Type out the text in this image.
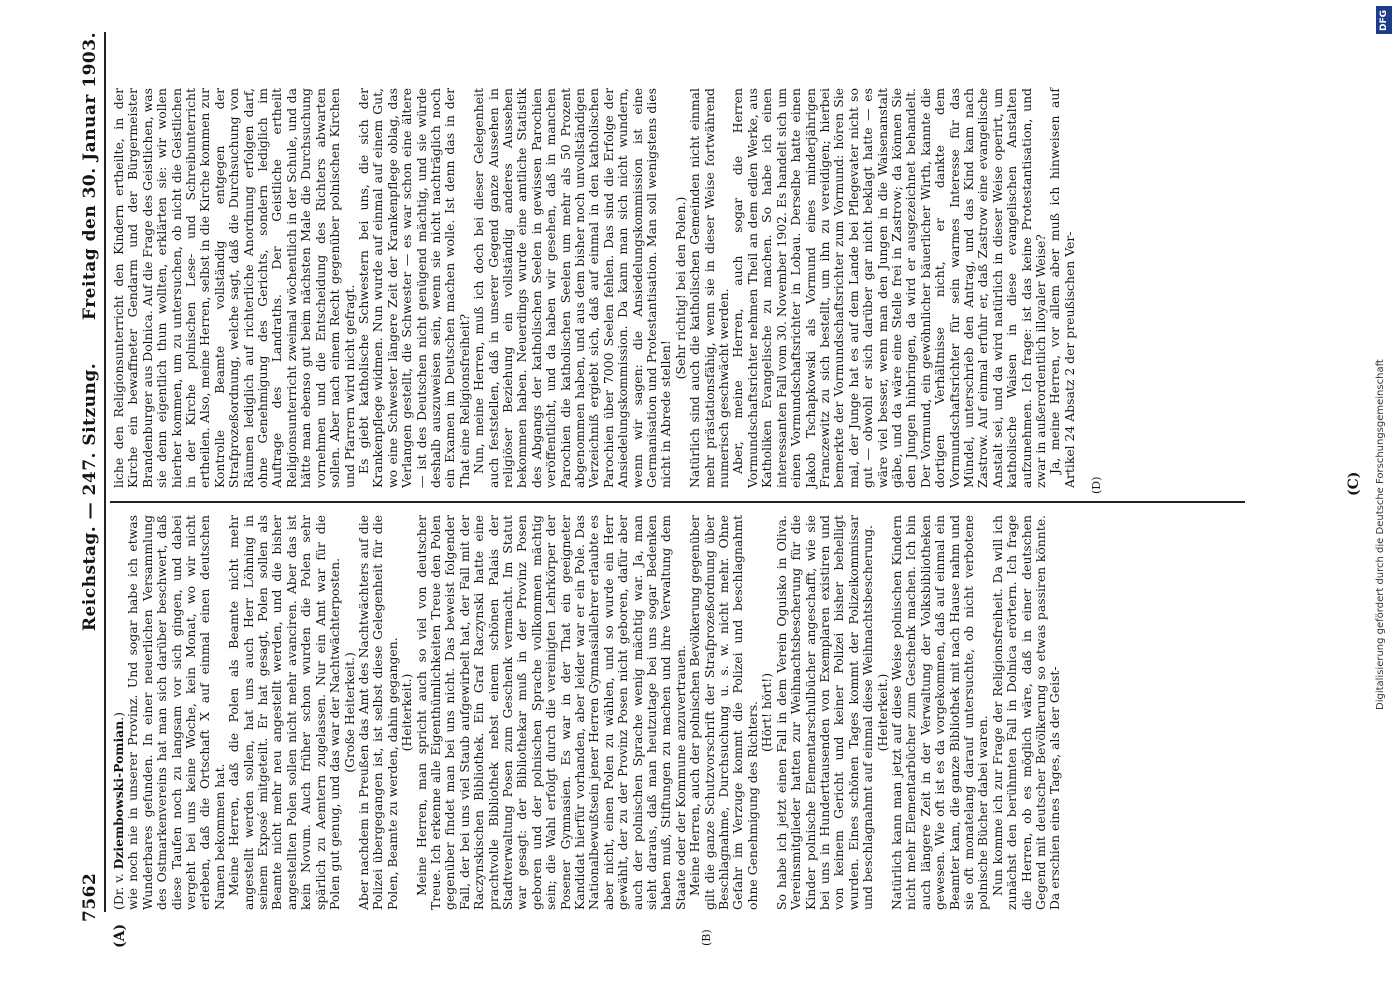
7562
Reichstag. — 247. Sitzung.
Freitag den 30. Januar 1903.
(A)	(B)
(C)
(D)

(Dr. v. Dziembowski-Pomian.) wie noch nie in unserer Provinz. Und sogar habe ich etwas Wunderbares gefunden. In einer neuerlichen Versammlung des Ostmarkenvereins hat man sich darüber beschwert, daß diese Taufen noch zu langsam vor sich gingen, und dabei vergeht bei uns keine Woche, kein Monat, wo wir nicht erleben, daß die Ortschaft X auf einmal einen deutschen Namen bekommen hat. Meine Herren, daß die Polen als Beamte nicht mehr angestellt werden sollen, hat uns auch Herr Löhning in seinem Exposé mitgeteilt. Er hat gesagt, Polen sollen als Beamte nicht mehr neu angestellt werden, und die bisher angestellten Polen sollen nicht mehr avanciren. Aber das ist kein Novum. Auch früher schon wurden die Polen sehr spärlich zu Aemtern zugelassen. Nur ein Amt war für die Polen gut genug, und das war der Nachtwächterposten. (Große Heiterkeit.) Aber nachdem in Preußen das Amt des Nachtwächters auf die Polizei übergegangen ist, ist selbst diese Gelegenheit für die Polen, Beamte zu werden, dahin gegangen. (Heiterkeit.) Meine Herren, man spricht auch so viel von deutscher Treue. Ich erkenne alle Eigenthümlichkeiten Treue den Polen gegenüber findet man bei uns nicht. Das beweist folgender Fall, der bei uns viel Staub aufgewirbelt hat, der Fall mit der Raczynskischen Bibliothek. Ein Graf Raczynski hatte eine prachtvolle Bibliothek nebst einem schönen Palais der Stadtverwaltung Posen zum Geschenk vermacht. Im Statut war gesagt: der Bibliothekar muß in der Provinz Posen geboren und der polnischen Sprache vollkommen mächtig sein; die Wahl erfolgt durch die vereinigten Lehrkörper der Posener Gymnasien. Es war in der That ein geeigneter Kandidat hierfür vorhanden, aber leider war er ein Pole. Das Nationalbewußtsein jener Herren Gymnasiallehrer erlaubte es aber nicht, einen Polen zu wählen, und so wurde ein Herr gewählt, der zu der Provinz Posen nicht geboren, dafür aber auch der polnischen Sprache wenig mächtig war. Ja, man sieht daraus, daß man heutzutage bei uns sogar Bedenken haben muß, Stiftungen zu machen und ihre Verwaltung dem Staate oder der Kommune anzuvertrauen. Meine Herren, auch der polnischen Bevölkerung gegenüber gilt die ganze Schutzvorschrift der Strafprozeßordnung über Beschlagnahme, Durchsuchung u. s. w. nicht mehr. Ohne Gefahr im Verzuge kommt die Polizei und beschlagnahmt ohne Genehmigung des Richters. (Hört! hört!) So habe ich jetzt einen Fall in dem Verein Oguisko in Oliva. Vereinsmitglieder hatten zur Weihnachtsbescherung für die Kinder polnische Elementarschulbücher angeschafft, wie sie bei uns in Hunderttausenden von Exemplaren existiren und von keinem Gericht und keiner Polizei bisher behelligt wurden. Eines schönen Tages kommt der Polizeikommissar und beschlagnahmt auf einmal diese Weihnachtsbescherung. (Heiterkeit.) Natürlich kann man jetzt auf diese Weise polnischen Kindern nicht mehr Elementarbücher zum Geschenk machen. Ich bin auch längere Zeit in der Verwaltung der Volksbibliotheken gewesen. Wie oft ist es da vorgekommen, daß auf einmal ein Beamter kam, die ganze Bibliothek mit nach Hause nahm und sie oft monatelang darauf untersuchte, ob nicht verbotene polnische Bücher dabei waren. Nun komme ich zur Frage der Religionsfreiheit. Da will ich zunächst den berühmten Fall in Dolnica erörtern. Ich frage die Herren, ob es möglich wäre, daß in einer deutschen Gegend mit deutscher Bevölkerung so etwas passiren könnte. Da erschien eines Tages, als der Geist-

liche den Religionsunterricht den Kindern ertheilte, in der Kirche ein bewaffneter Gendarm und der Bürgermeister Brandenburger aus Dolnica. Auf die Frage des Geistlichen, was sie denn eigentlich thun wollten, erklärten sie: wir wollen hierher kommen, um zu untersuchen, ob nicht die Geistlichen in der Kirche polnischen Lese- und Schreibunterricht ertheilen. Also, meine Herren, selbst in die Kirche kommen zur Kontrolle Beamte vollständig entgegen der Strafprozeßordnung, welche sagt, daß die Durchsuchung von Räumen lediglich auf richterliche Anordnung erfolgen darf, ohne Genehmigung des Gerichts, sondern lediglich im Auftrage des Landraths. Der Geistliche ertheilt Religionsunterricht zweimal wöchentlich in der Schule, und da hätte man ebenso gut beim nächsten Male die Durchsuchung vornehmen und die Entscheidung des Richters abwarten sollen. Aber nach einem Recht gegenüber polnischen Kirchen und Pfarrern wird nicht gefragt. Es giebt katholische Schwestern bei uns, die sich der Krankenpflege widmen. Nun wurde auf einmal auf einem Gut, wo eine Schwester längere Zeit der Krankenpflege oblag, das Verlangen gestellt, die Schwester — es war schon eine ältere — ist des Deutschen nicht genügend mächtig, und sie würde deshalb auszuweisen sein, wenn sie nicht nachträglich noch ein Examen im Deutschen machen wolle. Ist denn das in der That eine Religionsfreiheit? Nun, meine Herren, muß ich doch bei dieser Gelegenheit auch feststellen, daß in unserer Gegend ganze Aussehen in religiöser Beziehung ein vollständig anderes Aussehen bekommen haben. Neuerdings wurde eine amtliche Statistik des Abgangs der katholischen Seelen in gewissen Parochien veröffentlicht, und da haben wir gesehen, daß in manchen Parochien die katholischen Seelen um mehr als 50 Prozent abgenommen haben, und aus dem bisher noch unvollständigen Verzeichniß ergiebt sich, daß auf einmal in den katholischen Parochien über 7000 Seelen fehlen. Das sind die Erfolge der Ansiedelungskommission. Da kann man sich nicht wundern, wenn wir sagen: die Ansiedelungskommission ist eine Germanisation und Protestantisation. Man soll wenigstens dies nicht in Abrede stellen!

(Sehr richtig! bei den Polen.) Natürlich sind auch die katholischen Gemeinden nicht einmal mehr prästationsfähig, wenn sie in dieser Weise fortwährend numerisch geschwächt werden. Aber, meine Herren, auch sogar die Herren Vormundschaftsrichter nehmen Theil an dem edlen Werke, aus Katholiken Evangelische zu machen. So habe ich einen interessanten Fall vom 30. November 1902. Es handelt sich um einen Vormundschaftsrichter in Lobau. Derselbe hatte einen Jakob Tschapkowski als Vormund eines minderjährigen Franczewitz zu sich bestellt, um ihn zu vereidigen; hierbei bemerkte der Vormundschaftsrichter zum Vormund: hören Sie mal, der Junge hat es auf dem Lande bei Pflegevater nicht so gut — obwohl er sich darüber gar nicht beklagt hatte — es wäre viel besser, wenn man den Jungen in die Waisenanstalt gäbe, und da wäre eine Stelle frei in Zastrow; da können Sie den Jungen hinbringen, da wird er ausgezeichnet behandelt. Der Vormund, ein gewöhnlicher bäuerlicher Wirth, kannte die dortigen Verhältnisse nicht, er dankte dem Vormundschaftsrichter für sein warmes Interesse für das Mündel, unterschrieb den Antrag, und das Kind kam nach Zastrow. Auf einmal erfuhr er, daß Zastrow eine evangelische Anstalt sei, und da wird natürlich in dieser Weise operirt, um katholische Waisen in diese evangelischen Anstalten aufzunehmen. Ich frage: ist das keine Protestantisation, und zwar in außerordentlich illoyaler Weise? Ja, meine Herren, vor allem aber muß ich hinweisen auf Artikel 24 Absatz 2 der preußischen Ver-

DFG
Digitalisierung gefördert durch die Deutsche Forschungsgemeinschaft
